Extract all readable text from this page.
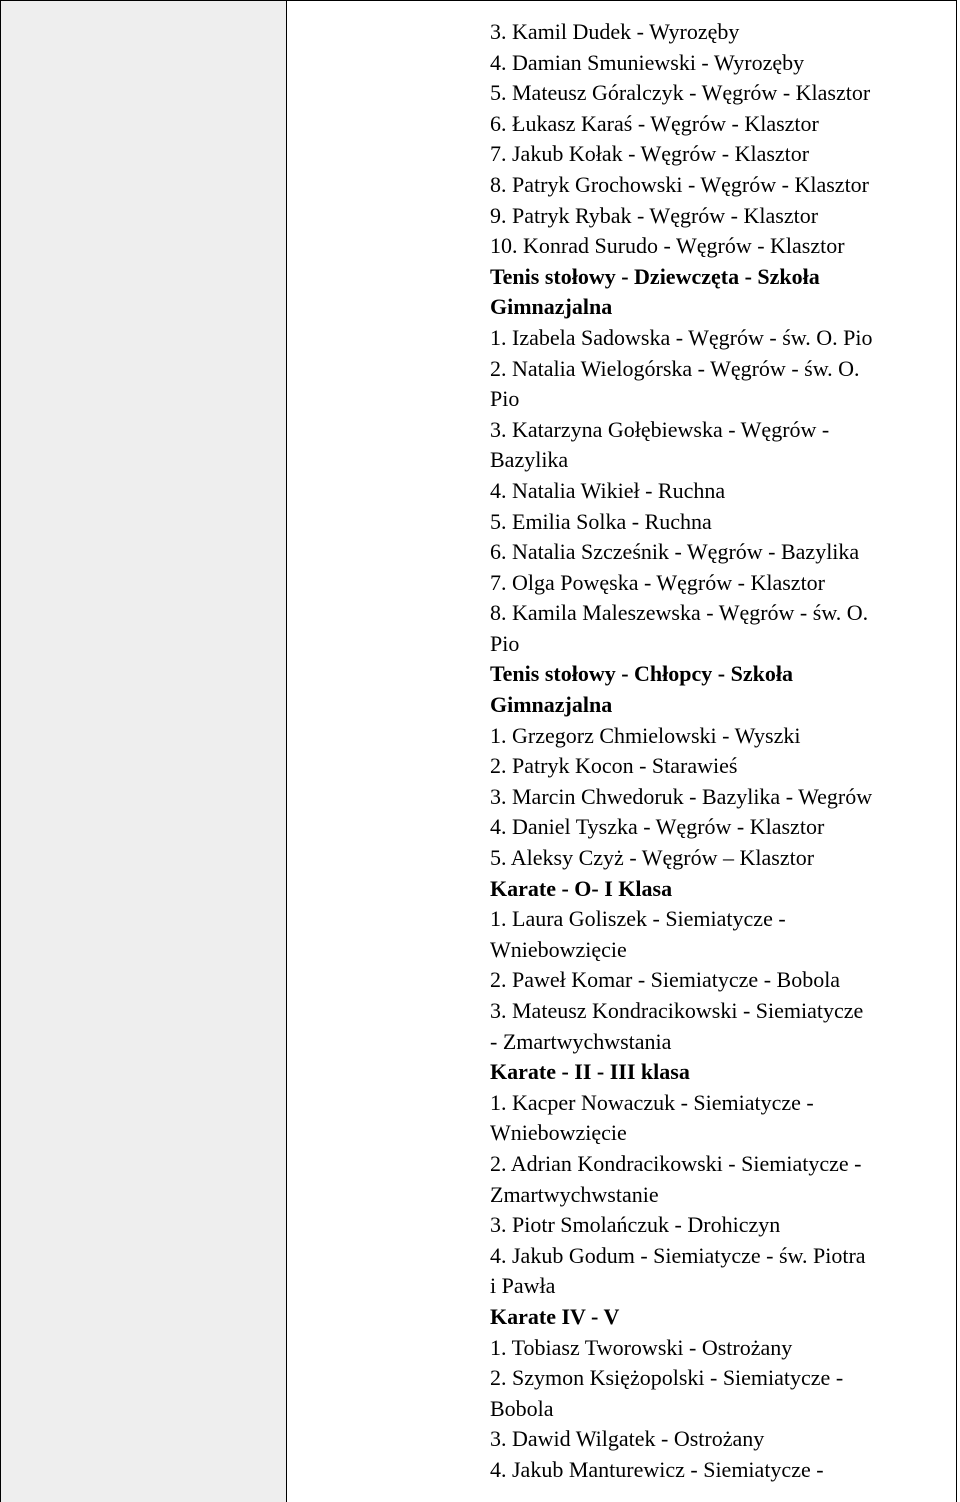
3. Kamil Dudek - Wyrozęby
4. Damian Smuniewski - Wyrozęby
5. Mateusz Góralczyk - Węgrów - Klasztor
6. Łukasz Karaś - Węgrów - Klasztor
7. Jakub Kołak - Węgrów - Klasztor
8. Patryk Grochowski - Węgrów - Klasztor
9. Patryk Rybak - Węgrów - Klasztor
10. Konrad Surudo - Węgrów - Klasztor
Tenis stołowy - Dziewczęta - Szkoła
Gimnazjalna
1. Izabela Sadowska - Węgrów - św. O. Pio
2. Natalia Wielogórska - Węgrów - św. O.
Pio
3. Katarzyna Gołębiewska - Węgrów -
Bazylika
4. Natalia Wikieł - Ruchna
5. Emilia Solka - Ruchna
6. Natalia Szcześnik - Węgrów - Bazylika
7. Olga Powęska - Węgrów - Klasztor
8. Kamila Maleszewska - Węgrów - św. O.
Pio
Tenis stołowy - Chłopcy - Szkoła
Gimnazjalna
1. Grzegorz Chmielowski - Wyszki
2. Patryk Kocon - Starawieś
3. Marcin Chwedoruk - Bazylika - Wegrów
4. Daniel Tyszka - Węgrów - Klasztor
5. Aleksy Czyż - Węgrów – Klasztor
Karate - O- I Klasa
1. Laura Goliszek - Siemiatycze -
Wniebowzięcie
2. Paweł Komar - Siemiatycze - Bobola
3. Mateusz Kondracikowski - Siemiatycze
- Zmartwychwstania
Karate - II - III klasa
1. Kacper Nowaczuk - Siemiatycze -
Wniebowzięcie
2. Adrian Kondracikowski - Siemiatycze -
Zmartwychwstanie
3. Piotr Smolańczuk - Drohiczyn
4. Jakub Godum - Siemiatycze - św. Piotra
i Pawła
Karate IV - V
1. Tobiasz Tworowski - Ostrożany
2. Szymon Księżopolski - Siemiatycze -
Bobola
3. Dawid Wilgatek - Ostrożany
4. Jakub Manturewicz - Siemiatycze -
